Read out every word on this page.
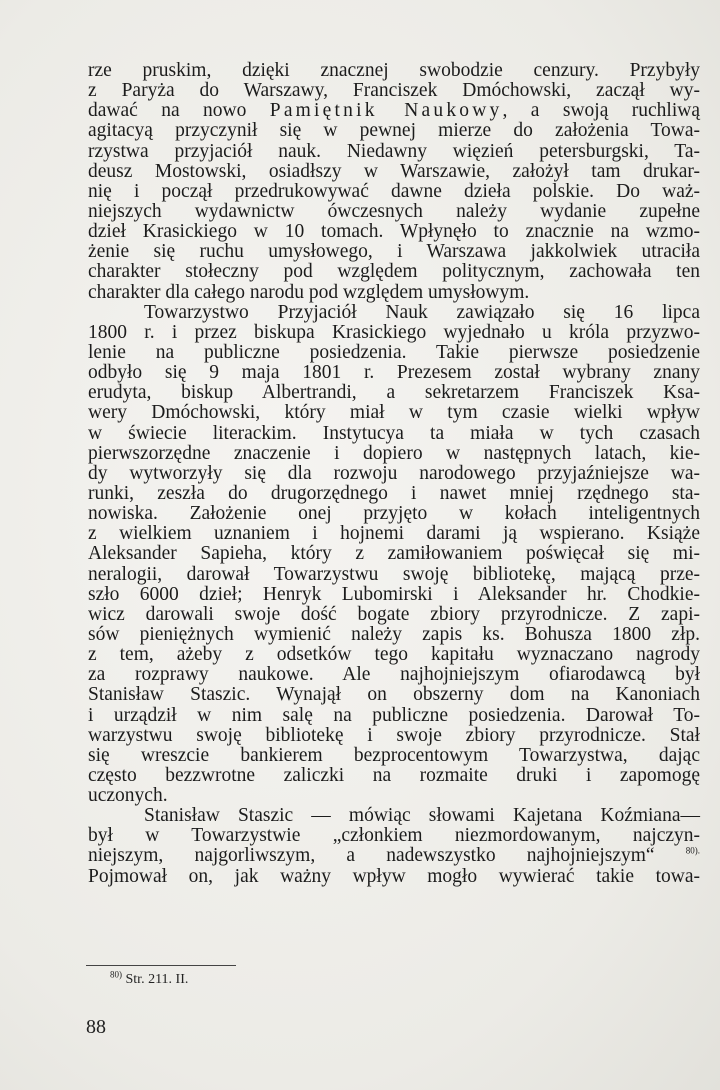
rze pruskim, dzięki znacznej swobodzie cenzury. Przybyły
z Paryża do Warszawy, Franciszek Dmóchowski, zaczął wy-
dawać na nowo Pamiętnik Naukowy, a swoją ruchliwą
agitacyą przyczynił się w pewnej mierze do założenia Towa-
rzystwa przyjaciół nauk. Niedawny więzień petersburgski, Ta-
deusz Mostowski, osiadłszy w Warszawie, założył tam drukar-
nię i począł przedrukowywać dawne dzieła polskie. Do waż-
niejszych wydawnictw ówczesnych należy wydanie zupełne
dzieł Krasickiego w 10 tomach. Wpłynęło to znacznie na wzmo-
żenie się ruchu umysłowego, i Warszawa jakkolwiek utraciła
charakter stołeczny pod względem politycznym, zachowała ten
charakter dla całego narodu pod względem umysłowym.
Towarzystwo Przyjaciół Nauk zawiązało się 16 lipca
1800 r. i przez biskupa Krasickiego wyjednało u króla przyzwo-
lenie na publiczne posiedzenia. Takie pierwsze posiedzenie
odbyło się 9 maja 1801 r. Prezesem został wybrany znany
erudyta, biskup Albertrandi, a sekretarzem Franciszek Ksa-
wery Dmóchowski, który miał w tym czasie wielki wpływ
w świecie literackim. Instytucya ta miała w tych czasach
pierwszorzędne znaczenie i dopiero w następnych latach, kie-
dy wytworzyły się dla rozwoju narodowego przyjaźniejsze wa-
runki, zeszła do drugorzędnego i nawet mniej rzędnego sta-
nowiska. Założenie onej przyjęto w kołach inteligentnych
z wielkiem uznaniem i hojnemi darami ją wspierano. Książe
Aleksander Sapieha, który z zamiłowaniem poświęcał się mi-
neralogii, darował Towarzystwu swoję bibliotekę, mającą prze-
szło 6000 dzieł; Henryk Lubomirski i Aleksander hr. Chodkie-
wicz darowali swoje dość bogate zbiory przyrodnicze. Z zapi-
sów pieniężnych wymienić należy zapis ks. Bohusza 1800 złp.
z tem, ażeby z odsetków tego kapitału wyznaczano nagrody
za rozprawy naukowe. Ale najhojniejszym ofiarodawcą był
Stanisław Staszic. Wynajął on obszerny dom na Kanoniach
i urządził w nim salę na publiczne posiedzenia. Darował To-
warzystwu swoję bibliotekę i swoje zbiory przyrodnicze. Stał
się wreszcie bankierem bezprocentowym Towarzystwa, dając
często bezzwrotne zaliczki na rozmaite druki i zapomogę
uczonych.
Stanisław Staszic — mówiąc słowami Kajetana Koźmiana—
był w Towarzystwie „członkiem niezmordowanym, najczyn-
niejszym, najgorliwszym, a nadewszystko najhojniejszym“ $^{80).}$
Pojmował on, jak ważny wpływ mogło wywierać takie towa-
$^{80)}$ Str. 211. II.
88
